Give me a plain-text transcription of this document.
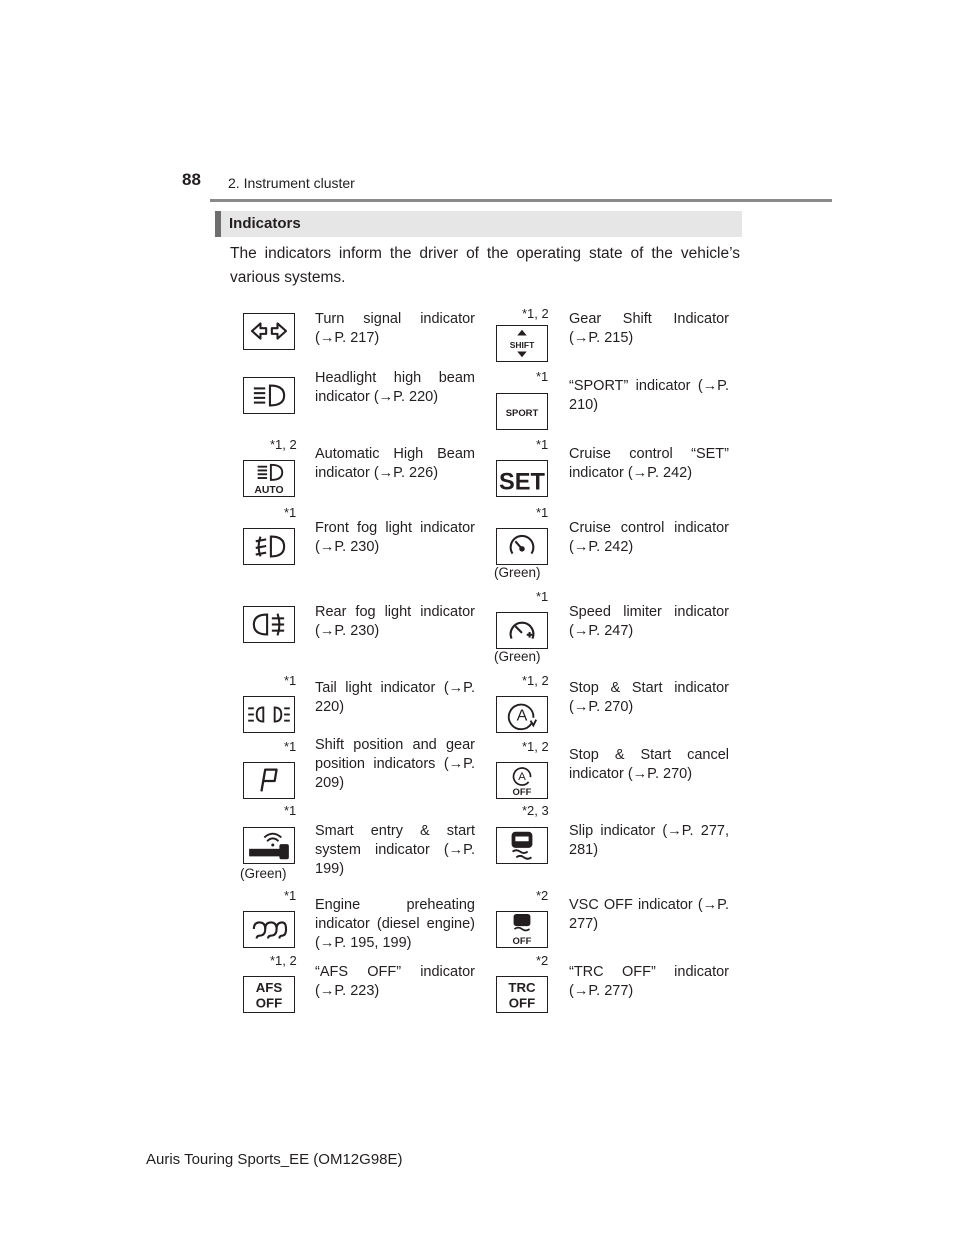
88 2. Instrument cluster
Indicators
The indicators inform the driver of the operating state of the vehicle’s various systems.
Turn signal indicator (→P. 217)
Headlight high beam indicator (→P. 220)
*1, 2
AUTO
Automatic High Beam indicator (→P. 226)
*1
Front fog light indicator (→P. 230)
Rear fog light indicator (→P. 230)
*1 Tail light indicator (→P. 220)
*1 Shift position and gear position indicators (→P. 209)
*1
(Green)
Smart entry & start system indicator (→P. 199)
*1
Engine preheating indicator (diesel engine) (→P. 195, 199)
*1, 2
AFS
OFF
“AFS OFF” indicator (→P. 223)
*1, 2
SHIFT
Gear Shift Indicator (→P. 215)
*1
SPORT
“SPORT” indicator (→P. 210)
*1
SET
Cruise control “SET” indicator (→P. 242)
*1
(Green)
Cruise control indicator (→P. 242)
*1
(Green)
Speed limiter indicator (→P. 247)
*1, 2
A
Stop & Start indicator (→P. 270)
*1, 2
A
OFF
Stop & Start cancel indicator (→P. 270)
*2, 3
Slip indicator (→P. 277, 281)
*2
OFF
VSC OFF indicator (→P. 277)
*2
TRC
OFF
“TRC OFF” indicator (→P. 277)
Auris Touring Sports_EE (OM12G98E)
